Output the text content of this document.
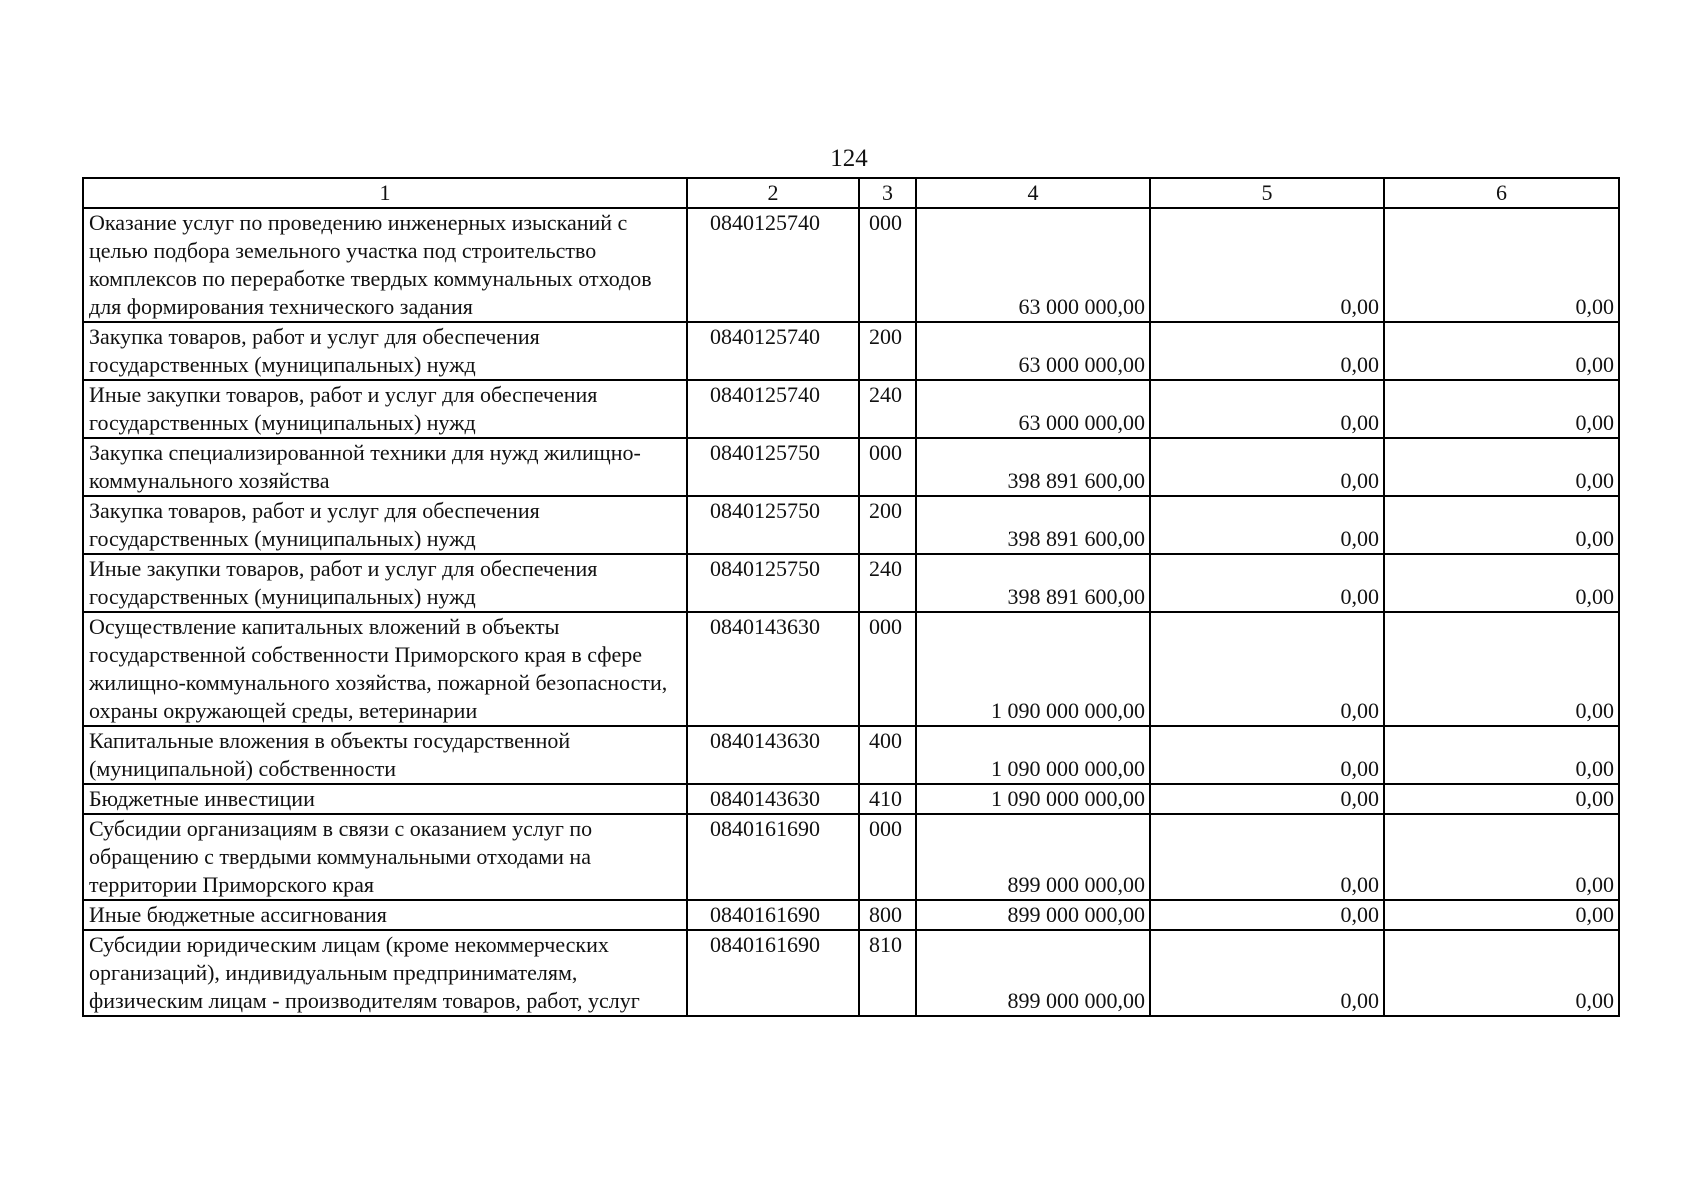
124
1	2	3	4	5	6
Оказание услуг по проведению инженерных изысканий с целью подбора земельного участка под строительство комплексов по переработке твердых коммунальных отходов для формирования технического задания	0840125740	000	63 000 000,00	0,00	0,00
Закупка товаров, работ и услуг для обеспечения государственных (муниципальных) нужд	0840125740	200	63 000 000,00	0,00	0,00
Иные закупки товаров, работ и услуг для обеспечения государственных (муниципальных) нужд	0840125740	240	63 000 000,00	0,00	0,00
Закупка специализированной техники для нужд жилищно-коммунального хозяйства	0840125750	000	398 891 600,00	0,00	0,00
Закупка товаров, работ и услуг для обеспечения государственных (муниципальных) нужд	0840125750	200	398 891 600,00	0,00	0,00
Иные закупки товаров, работ и услуг для обеспечения государственных (муниципальных) нужд	0840125750	240	398 891 600,00	0,00	0,00
Осуществление капитальных вложений в объекты государственной собственности Приморского края в сфере жилищно-коммунального хозяйства, пожарной безопасности, охраны окружающей среды, ветеринарии	0840143630	000	1 090 000 000,00	0,00	0,00
Капитальные вложения в объекты государственной (муниципальной) собственности	0840143630	400	1 090 000 000,00	0,00	0,00
Бюджетные инвестиции	0840143630	410	1 090 000 000,00	0,00	0,00
Субсидии организациям в связи с оказанием услуг по обращению с твердыми коммунальными отходами на территории Приморского края	0840161690	000	899 000 000,00	0,00	0,00
Иные бюджетные ассигнования	0840161690	800	899 000 000,00	0,00	0,00
Субсидии юридическим лицам (кроме некоммерческих организаций), индивидуальным предпринимателям, физическим лицам - производителям товаров, работ, услуг	0840161690	810	899 000 000,00	0,00	0,00
